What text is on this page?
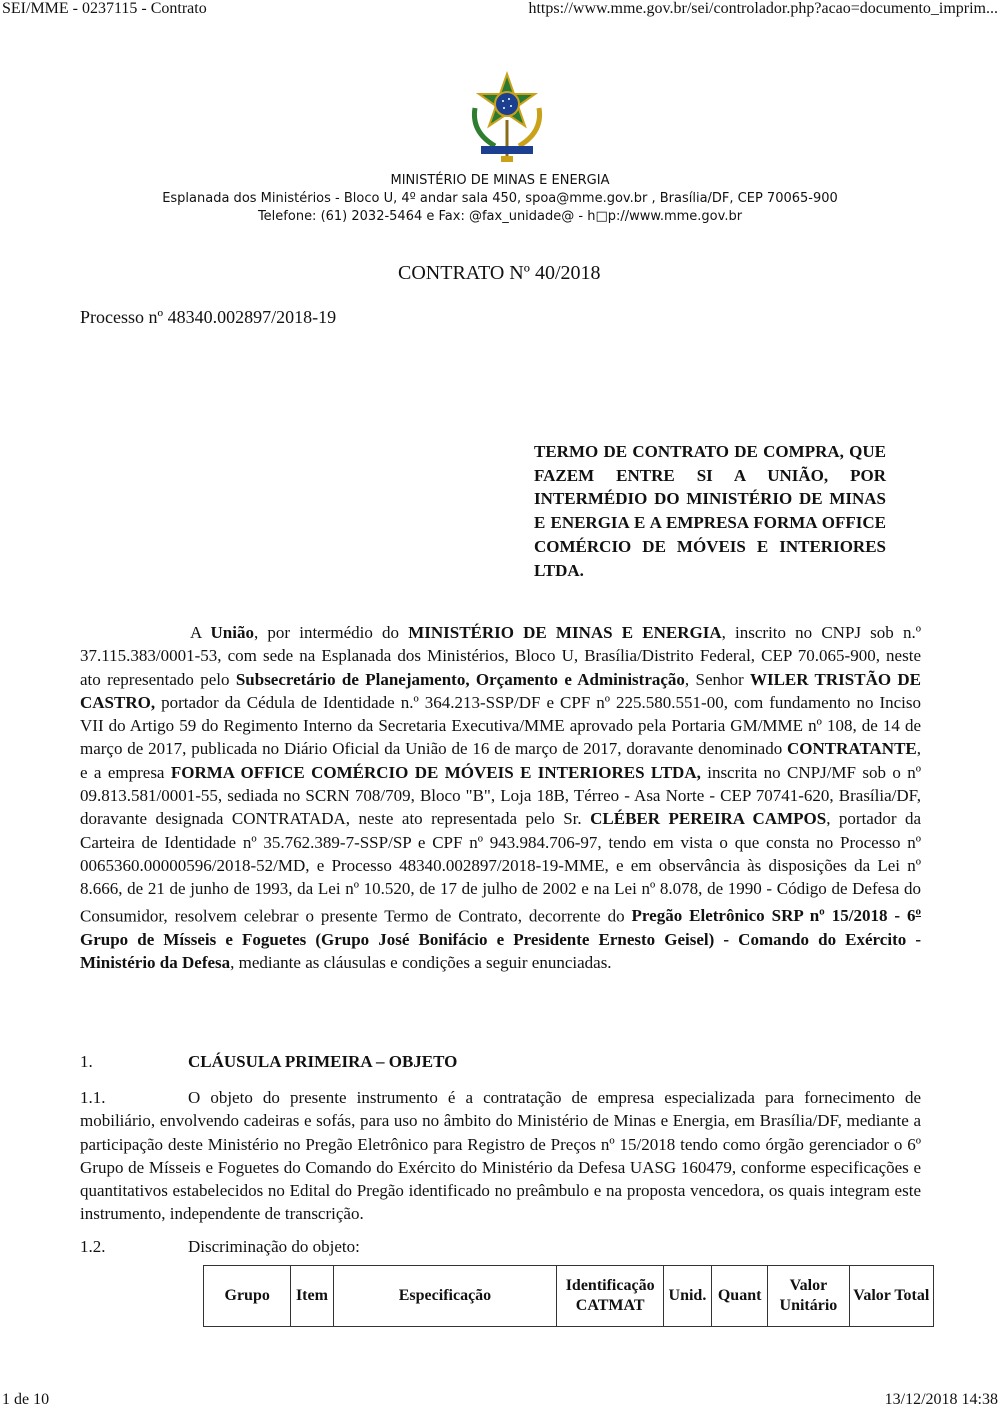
SEI/MME - 0237115 - Contrato	https://www.mme.gov.br/sei/controlador.php?acao=documento_imprim...
MINISTÉRIO DE MINAS E ENERGIA
Esplanada dos Ministérios - Bloco U, 4º andar sala 450, spoa@mme.gov.br , Brasília/DF, CEP 70065-900
Telefone: (61) 2032-5464 e Fax: @fax_unidade@ - h□p://www.mme.gov.br
CONTRATO Nº 40/2018
Processo nº 48340.002897/2018-19
TERMO DE CONTRATO DE COMPRA, QUE FAZEM ENTRE SI A UNIÃO, POR INTERMÉDIO DO MINISTÉRIO DE MINAS E ENERGIA E A EMPRESA FORMA OFFICE COMÉRCIO DE MÓVEIS E INTERIORES LTDA.
A União, por intermédio do MINISTÉRIO DE MINAS E ENERGIA, inscrito no CNPJ sob n.º 37.115.383/0001-53, com sede na Esplanada dos Ministérios, Bloco U, Brasília/Distrito Federal, CEP 70.065-900, neste ato representado pelo Subsecretário de Planejamento, Orçamento e Administração, Senhor WILER TRISTÃO DE CASTRO, portador da Cédula de Identidade n.º 364.213-SSP/DF e CPF nº 225.580.551-00, com fundamento no Inciso VII do Artigo 59 do Regimento Interno da Secretaria Executiva/MME aprovado pela Portaria GM/MME nº 108, de 14 de março de 2017, publicada no Diário Oficial da União de 16 de março de 2017, doravante denominado CONTRATANTE, e a empresa FORMA OFFICE COMÉRCIO DE MÓVEIS E INTERIORES LTDA, inscrita no CNPJ/MF sob o nº 09.813.581/0001-55, sediada no SCRN 708/709, Bloco "B", Loja 18B, Térreo - Asa Norte - CEP 70741-620, Brasília/DF, doravante designada CONTRATADA, neste ato representada pelo Sr. CLÉBER PEREIRA CAMPOS, portador da Carteira de Identidade nº 35.762.389-7-SSP/SP e CPF nº 943.984.706-97, tendo em vista o que consta no Processo nº 0065360.00000596/2018-52/MD, e Processo 48340.002897/2018-19-MME, e em observância às disposições da Lei nº 8.666, de 21 de junho de 1993, da Lei nº 10.520, de 17 de julho de 2002 e na Lei nº 8.078, de 1990 - Código de Defesa do Consumidor, resolvem celebrar o presente Termo de Contrato, decorrente do Pregão Eletrônico SRP nº 15/2018 - 6$^o$ Grupo de Mísseis e Foguetes (Grupo José Bonifácio e Presidente Ernesto Geisel) - Comando do Exército - Ministério da Defesa, mediante as cláusulas e condições a seguir enunciadas.
1.	CLÁUSULA PRIMEIRA – OBJETO
1.1.	O objeto do presente instrumento é a contratação de empresa especializada para fornecimento de mobiliário, envolvendo cadeiras e sofás, para uso no âmbito do Ministério de Minas e Energia, em Brasília/DF, mediante a participação deste Ministério no Pregão Eletrônico para Registro de Preços nº 15/2018 tendo como órgão gerenciador o 6º Grupo de Mísseis e Foguetes do Comando do Exército do Ministério da Defesa UASG 160479, conforme especificações e quantitativos estabelecidos no Edital do Pregão identificado no preâmbulo e na proposta vencedora, os quais integram este instrumento, independente de transcrição.
1.2.	Discriminação do objeto:
Grupo	Item	Especificação	Identificação CATMAT	Unid.	Quant	Valor Unitário	Valor Total
1 de 10	13/12/2018 14:38
